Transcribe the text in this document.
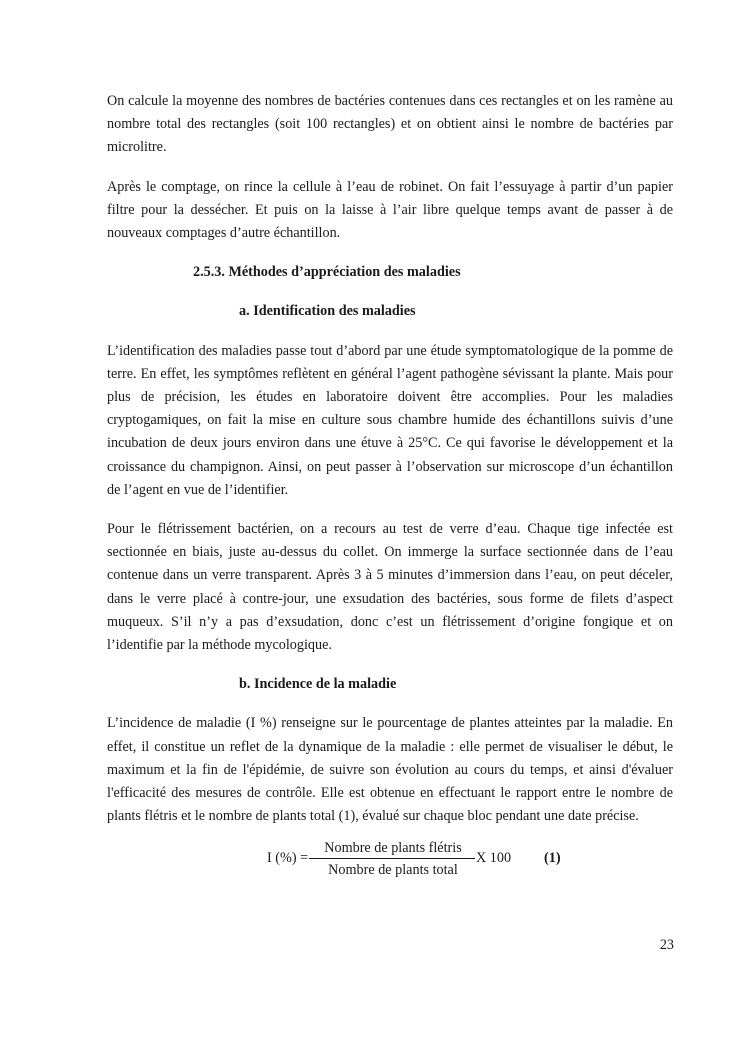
On calcule la moyenne des nombres de bactéries contenues dans ces rectangles et on les ramène au nombre total des rectangles (soit 100 rectangles) et on obtient ainsi le nombre de bactéries par microlitre.

Après le comptage, on rince la cellule à l’eau de robinet. On fait l’essuyage à partir d’un papier filtre pour la dessécher. Et puis on la laisse à l’air libre quelque temps avant de passer à de nouveaux comptages d’autre échantillon.

2.5.3. Méthodes d’appréciation des maladies
a. Identification des maladies

L’identification des maladies passe tout d’abord par une étude symptomatologique de la pomme de terre. En effet, les symptômes reflètent en général l’agent pathogène sévissant la plante. Mais pour plus de précision, les études en laboratoire doivent être accomplies. Pour les maladies cryptogamiques, on fait la mise en culture sous chambre humide des échantillons suivis d’une incubation de deux jours environ dans une étuve à 25°C. Ce qui favorise le développement et la croissance du champignon. Ainsi, on peut passer à l’observation sur microscope d’un échantillon de l’agent en vue de l’identifier.

Pour le flétrissement bactérien, on a recours au test de verre d’eau. Chaque tige infectée est sectionnée en biais, juste au-dessus du collet. On immerge la surface sectionnée dans de l’eau contenue dans un verre transparent. Après 3 à 5 minutes d’immersion dans l’eau, on peut déceler, dans le verre placé à contre-jour, une exsudation des bactéries, sous forme de filets d’aspect muqueux. S’il n’y a pas d’exsudation, donc c’est un flétrissement d’origine fongique et on l’identifie par la méthode mycologique.

b. Incidence de la maladie

L’incidence de maladie (I %) renseigne sur le pourcentage de plantes atteintes par la maladie. En effet, il constitue un reflet de la dynamique de la maladie : elle permet de visualiser le début, le maximum et la fin de l'épidémie, de suivre son évolution au cours du temps, et ainsi d'évaluer l'efficacité des mesures de contrôle. Elle est obtenue en effectuant le rapport entre le nombre de plants flétris et le nombre de plants total (1), évalué sur chaque bloc pendant une date précise.

I (%) =
Nombre de plants flétris
Nombre de plants total
X 100 (1)
23
